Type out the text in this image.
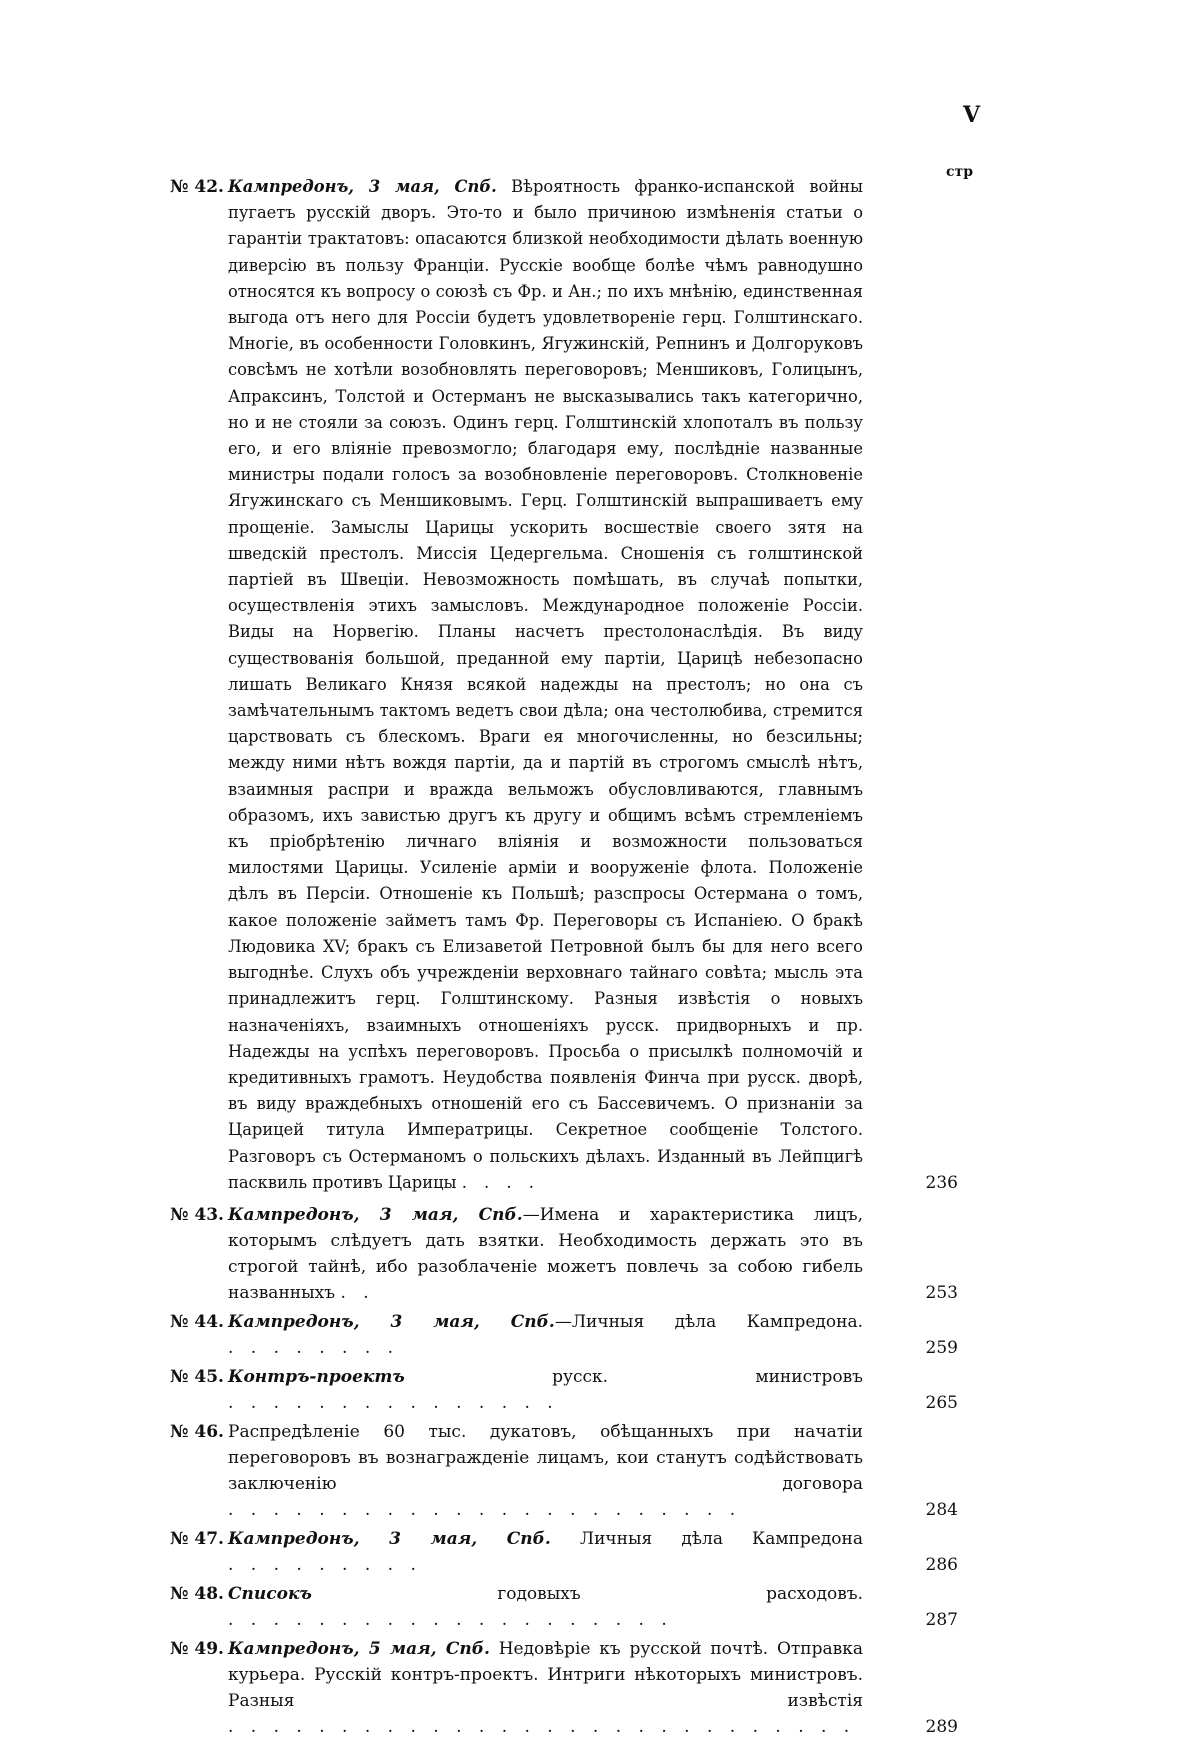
V
стр
№ 42. Кампредонъ, 3 мая, Спб. Вѣроятность франко-испанской войны пугаетъ русскій дворъ. Это-то и было причиною измѣненія статьи о гарантіи трактатовъ: опасаются близкой необходимости дѣлать военную диверсію въ пользу Франціи. Русскіе вообще болѣе чѣмъ равнодушно относятся къ вопросу о союзѣ съ Фр. и Ан.; по ихъ мнѣнію, единственная выгода отъ него для Россіи будетъ удовлетвореніе герц. Голштинскаго. Многіе, въ особенности Головкинъ, Ягужинскій, Репнинъ и Долгоруковъ совсѣмъ не хотѣли возобновлять переговоровъ; Меншиковъ, Голицынъ, Апраксинъ, Толстой и Остерманъ не высказывались такъ категорично, но и не стояли за союзъ. Одинъ герц. Голштинскій хлопоталъ въ пользу его, и его вліяніе превозмогло; благодаря ему, послѣдніе названные министры подали голосъ за возобновленіе переговоровъ. Столкновеніе Ягужинскаго съ Меншиковымъ. Герц. Голштинскій выпрашиваетъ ему прощеніе. Замыслы Царицы ускорить восшествіе своего зятя на шведскій престолъ. Миссія Цедергельма. Сношенія съ голштинской партіей въ Швеціи. Невозможность помѣшать, въ случаѣ попытки, осуществленія этихъ замысловъ. Международное положеніе Россіи. Виды на Норвегію. Планы насчетъ престолонаслѣдія. Въ виду существованія большой, преданной ему партіи, Царицѣ небезопасно лишать Великаго Князя всякой надежды на престолъ; но она съ замѣчательнымъ тактомъ ведетъ свои дѣла; она честолюбива, стремится царствовать съ блескомъ. Враги ея многочисленны, но безсильны; между ними нѣтъ вождя партіи, да и партій въ строгомъ смыслѣ нѣтъ, взаимныя распри и вражда вельможъ обусловливаются, главнымъ образомъ, ихъ завистью другъ къ другу и общимъ всѣмъ стремленіемъ къ пріобрѣтенію личнаго вліянія и возможности пользоваться милостями Царицы. Усиленіе арміи и вооруженіе флота. Положеніе дѣлъ въ Персіи. Отношеніе къ Польшѣ; разспросы Остермана о томъ, какое положеніе займетъ тамъ Фр. Переговоры съ Испаніею. О бракѣ Людовика XV; бракъ съ Елизаветой Петровной былъ бы для него всего выгоднѣе. Слухъ объ учрежденіи верховнаго тайнаго совѣта; мысль эта принадлежитъ герц. Голштинскому. Разныя извѣстія о новыхъ назначеніяхъ, взаимныхъ отношеніяхъ русск. придворныхъ и пр. Надежды на успѣхъ переговоровъ. Просьба о присылкѣ полномочій и кредитивныхъ грамотъ. Неудобства появленія Финча при русск. дворѣ, въ виду враждебныхъ отношеній его съ Бассевичемъ. О признаніи за Царицей титула Императрицы. Секретное сообщеніе Толстого. Разговоръ съ Остерманомъ о польскихъ дѣлахъ. Изданный въ Лейпцигѣ пасквиль противъ Царицы . . . .	236
№ 43. Кампредонъ, 3 мая, Спб.—Имена и характеристика лицъ, которымъ слѣдуетъ дать взятки. Необходимость держать это въ строгой тайнѣ, ибо разоблаченіе можетъ повлечь за собою гибель названныхъ . .	253
№ 44. Кампредонъ, 3 мая, Спб.—Личныя дѣла Кампредона. . . . . . . . .	259
№ 45. Контръ-проектъ	русск. министровъ . . . . . . . . . . . . . . .	265
№ 46. Распредѣленіе 60 тыс. дукатовъ, обѣщанныхъ при начатіи переговоровъ въ вознагражденіе лицамъ, кои станутъ содѣйствовать заключенію договора . . . . . . . . . . . . . . . . . . . . . . .	284
№ 47. Кампредонъ, 3 мая, Спб. Личныя дѣла Кампредона . . . . . . . . .	286
№ 48. Списокъ	годовыхъ расходовъ. . . . . . . . . . . . . . . . . . . . .	287
№ 49. Кампредонъ, 5 мая, Спб. Недовѣріе къ русской почтѣ. Отправка курьера. Русскій контръ-проектъ. Интриги нѣкоторыхъ министровъ. Разныя извѣстія . . . . . . . . . . . . . . . . . . . . . . . . . . . .	289
